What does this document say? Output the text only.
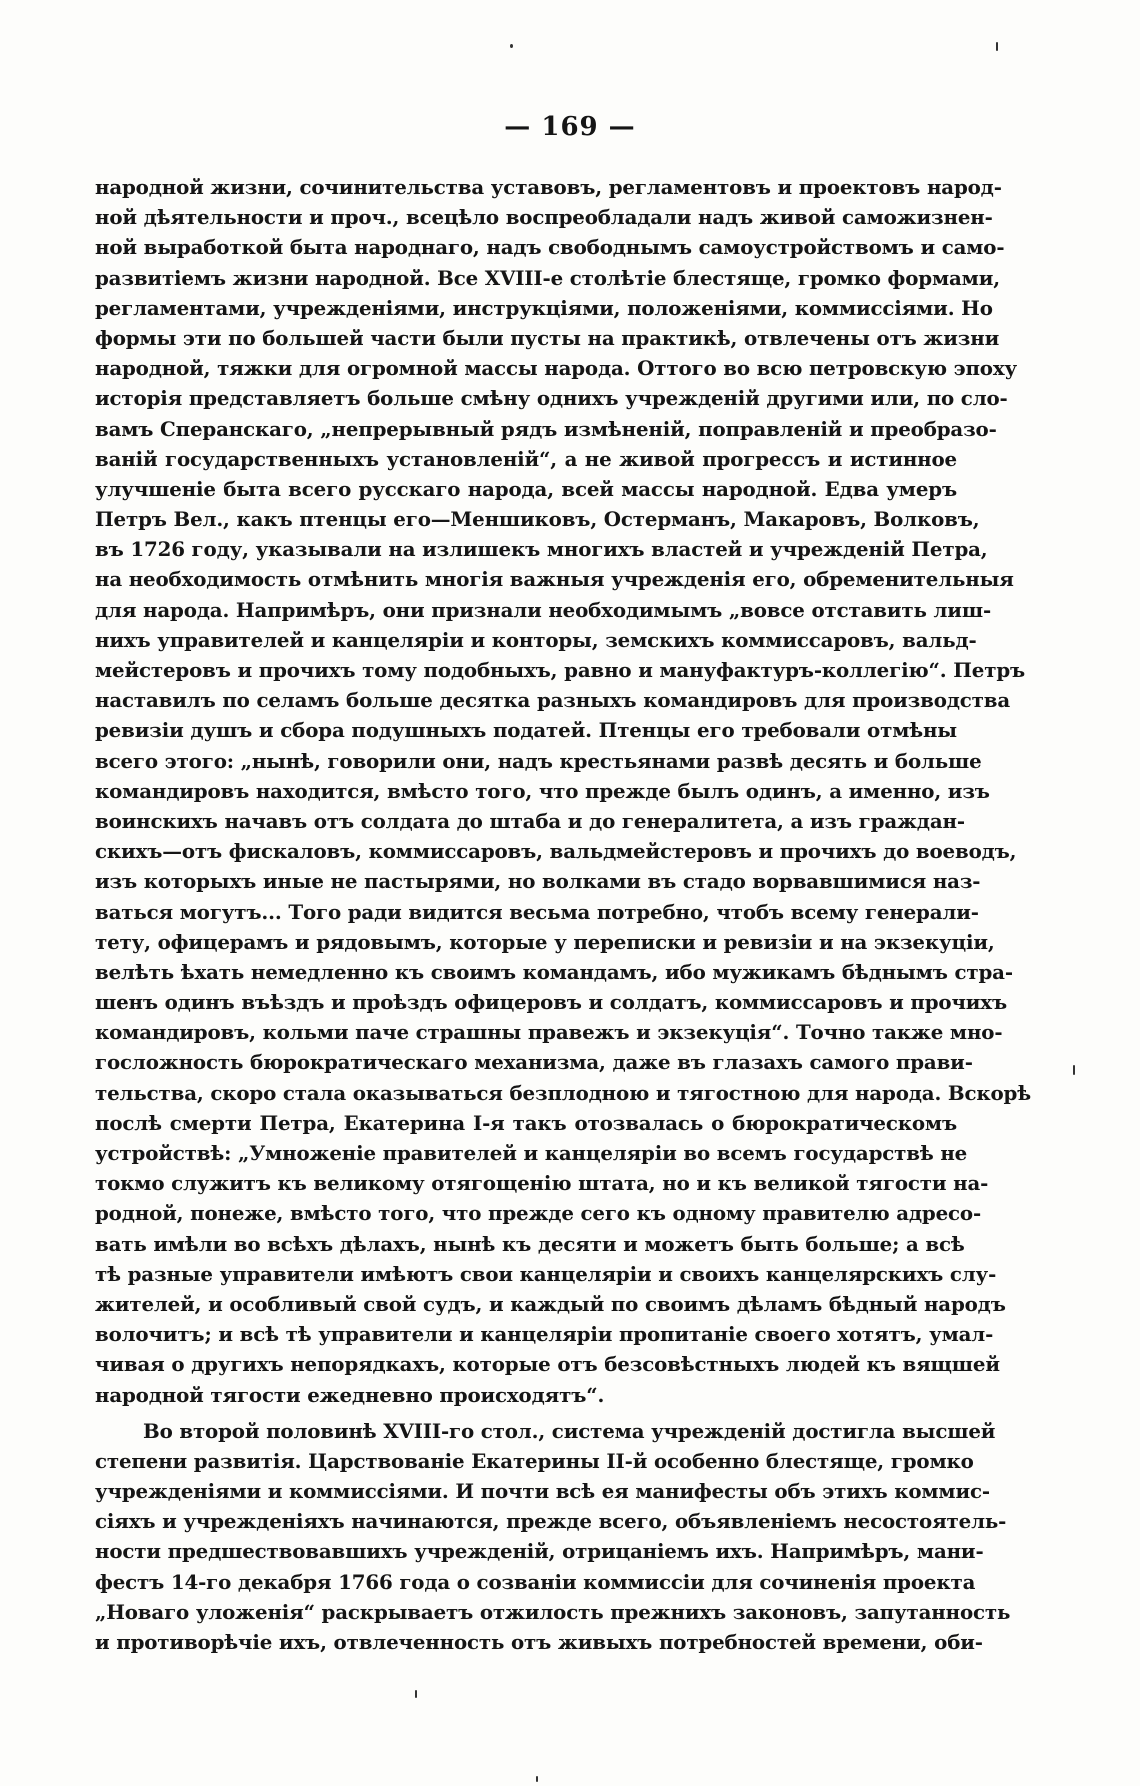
— 169 —
народной жизни, сочинительства уставовъ, регламентовъ и проектовъ народ-
ной дѣятельности и проч., всецѣло воспреобладали надъ живой саможизнен-
ной выработкой быта народнаго, надъ свободнымъ самоустройствомъ и само-
развитіемъ жизни народной. Все XVIII-е столѣтіе блестяще, громко формами,
регламентами, учрежденіями, инструкціями, положеніями, коммиссіями. Но
формы эти по большей части были пусты на практикѣ, отвлечены отъ жизни
народной, тяжки для огромной массы народа. Оттого во всю петровскую эпоху
исторія представляетъ больше смѣну однихъ учрежденій другими или, по сло-
вамъ Сперанскаго, „непрерывный рядъ измѣненій, поправленій и преобразо-
ваній государственныхъ установленій“, а не живой прогрессъ и истинное
улучшеніе быта всего русскаго народа, всей массы народной. Едва умеръ
Петръ Вел., какъ птенцы его—Меншиковъ, Остерманъ, Макаровъ, Волковъ,
въ 1726 году, указывали на излишекъ многихъ властей и учрежденій Петра,
на необходимость отмѣнить многія важныя учрежденія его, обременительныя
для народа. Напримѣръ, они признали необходимымъ „вовсе отставить лиш-
нихъ управителей и канцеляріи и конторы, земскихъ коммиссаровъ, вальд-
мейстеровъ и прочихъ тому подобныхъ, равно и мануфактуръ-коллегію“. Петръ
наставилъ по селамъ больше десятка разныхъ командировъ для производства
ревизіи душъ и сбора подушныхъ податей. Птенцы его требовали отмѣны
всего этого: „нынѣ, говорили они, надъ крестьянами развѣ десять и больше
командировъ находится, вмѣсто того, что прежде былъ одинъ, а именно, изъ
воинскихъ начавъ отъ солдата до штаба и до генералитета, а изъ граждан-
скихъ—отъ фискаловъ, коммиссаровъ, вальдмейстеровъ и прочихъ до воеводъ,
изъ которыхъ иные не пастырями, но волками въ стадо ворвавшимися наз-
ваться могутъ... Того ради видится весьма потребно, чтобъ всему генерали-
тету, офицерамъ и рядовымъ, которые у переписки и ревизіи и на экзекуціи,
велѣть ѣхать немедленно къ своимъ командамъ, ибо мужикамъ бѣднымъ стра-
шенъ одинъ въѣздъ и проѣздъ офицеровъ и солдатъ, коммиссаровъ и прочихъ
командировъ, кольми паче страшны правежъ и экзекуція“. Точно также мно-
госложность бюрократическаго механизма, даже въ глазахъ самого прави-
тельства, скоро стала оказываться безплодною и тягостною для народа. Вскорѣ
послѣ смерти Петра, Екатерина I-я такъ отозвалась о бюрократическомъ
устройствѣ: „Умноженіе правителей и канцеляріи во всемъ государствѣ не
токмо служитъ къ великому отягощенію штата, но и къ великой тягости на-
родной, понеже, вмѣсто того, что прежде сего къ одному правителю адресо-
вать имѣли во всѣхъ дѣлахъ, нынѣ къ десяти и можетъ быть больше; а всѣ
тѣ разные управители имѣютъ свои канцеляріи и своихъ канцелярскихъ слу-
жителей, и особливый свой судъ, и каждый по своимъ дѣламъ бѣдный народъ
волочитъ; и всѣ тѣ управители и канцеляріи пропитаніе своего хотятъ, умал-
чивая о другихъ непорядкахъ, которые отъ безсовѣстныхъ людей къ вящшей
народной тягости ежедневно происходятъ“.
Во второй половинѣ XVIII-го стол., система учрежденій достигла высшей
степени развитія. Царствованіе Екатерины II-й особенно блестяще, громко
учрежденіями и коммиссіями. И почти всѣ ея манифесты объ этихъ коммис-
сіяхъ и учрежденіяхъ начинаются, прежде всего, объявленіемъ несостоятель-
ности предшествовавшихъ учрежденій, отрицаніемъ ихъ. Напримѣръ, мани-
фестъ 14-го декабря 1766 года о созваніи коммиссіи для сочиненія проекта
„Новаго уложенія“ раскрываетъ отжилость прежнихъ законовъ, запутанность
и противорѣчіе ихъ, отвлеченность отъ живыхъ потребностей времени, оби-
